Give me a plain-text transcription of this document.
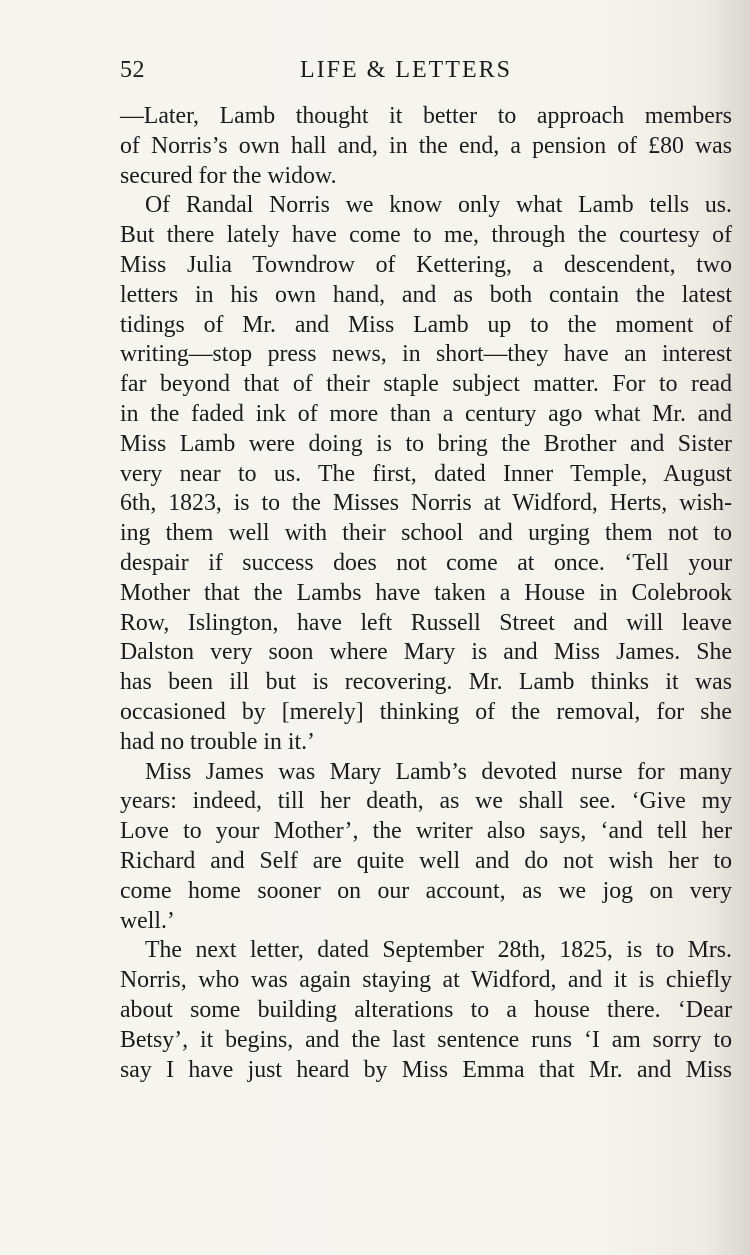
52	LIFE & LETTERS
—Later, Lamb thought it better to approach members
of Norris’s own hall and, in the end, a pension of £80 was
secured for the widow.
Of Randal Norris we know only what Lamb tells us.
But there lately have come to me, through the courtesy of
Miss Julia Towndrow of Kettering, a descendent, two
letters in his own hand, and as both contain the latest
tidings of Mr. and Miss Lamb up to the moment of
writing—stop press news, in short—they have an interest
far beyond that of their staple subject matter. For to read
in the faded ink of more than a century ago what Mr. and
Miss Lamb were doing is to bring the Brother and Sister
very near to us. The first, dated Inner Temple, August
6th, 1823, is to the Misses Norris at Widford, Herts, wish-
ing them well with their school and urging them not to
despair if success does not come at once. ‘Tell your
Mother that the Lambs have taken a House in Colebrook
Row, Islington, have left Russell Street and will leave
Dalston very soon where Mary is and Miss James. She
has been ill but is recovering. Mr. Lamb thinks it was
occasioned by [merely] thinking of the removal, for she
had no trouble in it.’
Miss James was Mary Lamb’s devoted nurse for many
years: indeed, till her death, as we shall see. ‘Give my
Love to your Mother’, the writer also says, ‘and tell her
Richard and Self are quite well and do not wish her to
come home sooner on our account, as we jog on very
well.’
The next letter, dated September 28th, 1825, is to Mrs.
Norris, who was again staying at Widford, and it is chiefly
about some building alterations to a house there. ‘Dear
Betsy’, it begins, and the last sentence runs ‘I am sorry to
say I have just heard by Miss Emma that Mr. and Miss
